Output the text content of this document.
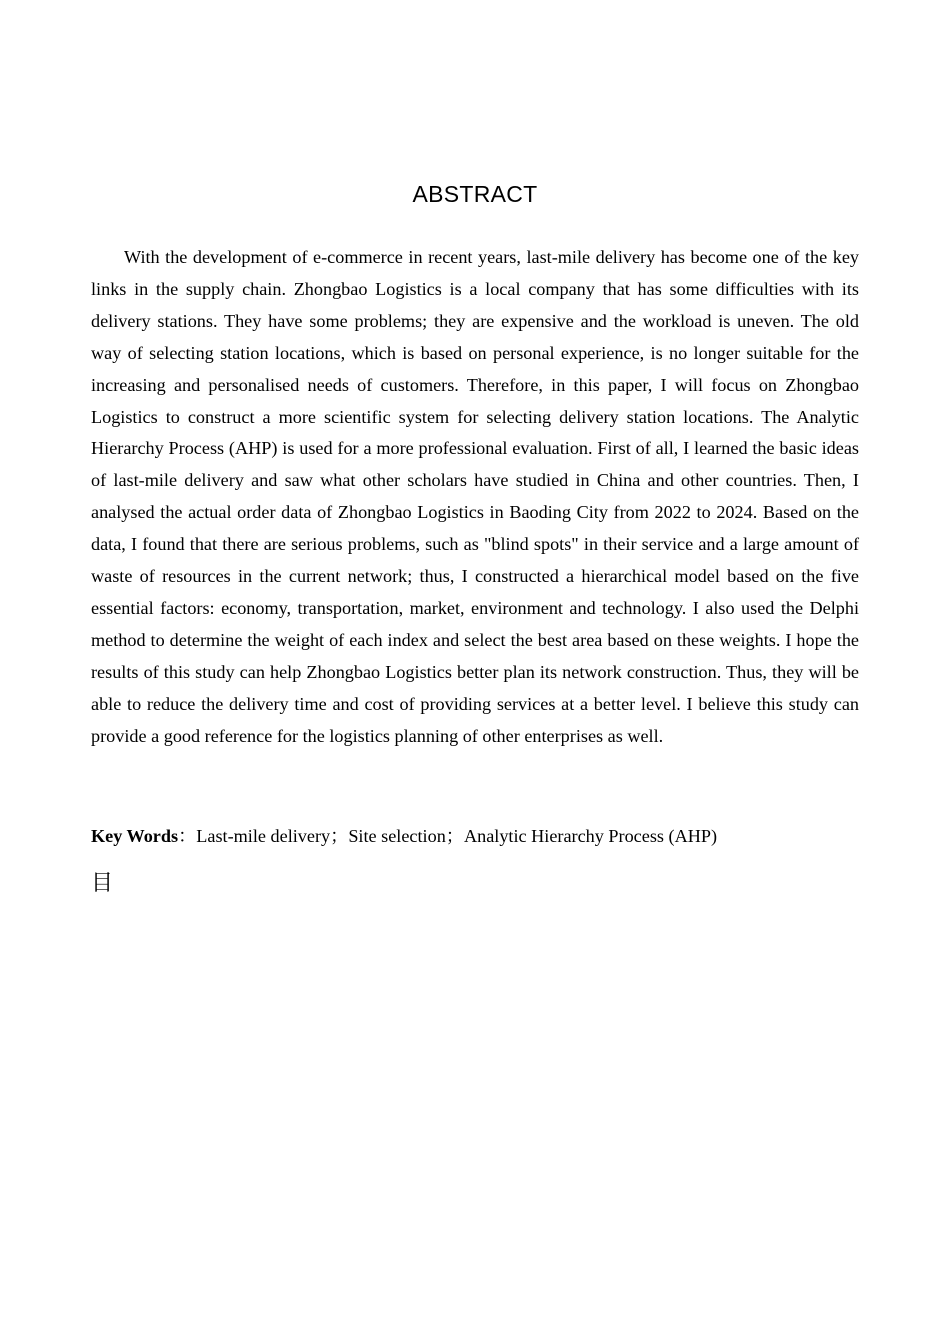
ABSTRACT

With the development of e-commerce in recent years, last-mile delivery has become one of the key links in the supply chain. Zhongbao Logistics is a local company that has some difficulties with its delivery stations. They have some problems; they are expensive and the workload is uneven. The old way of selecting station locations, which is based on personal experience, is no longer suitable for the increasing and personalised needs of customers. Therefore, in this paper, I will focus on Zhongbao Logistics to construct a more scientific system for selecting delivery station locations. The Analytic Hierarchy Process (AHP) is used for a more professional evaluation. First of all, I learned the basic ideas of last-mile delivery and saw what other scholars have studied in China and other countries. Then, I analysed the actual order data of Zhongbao Logistics in Baoding City from 2022 to 2024. Based on the data, I found that there are serious problems, such as "blind spots" in their service and a large amount of waste of resources in the current network; thus, I constructed a hierarchical model based on the five essential factors: economy, transportation, market, environment and technology. I also used the Delphi method to determine the weight of each index and select the best area based on these weights. I hope the results of this study can help Zhongbao Logistics better plan its network construction. Thus, they will be able to reduce the delivery time and cost of providing services at a better level. I believe this study can provide a good reference for the logistics planning of other enterprises as well.

Key Words：Last-mile delivery；Site selection；Analytic Hierarchy Process (AHP)

目
